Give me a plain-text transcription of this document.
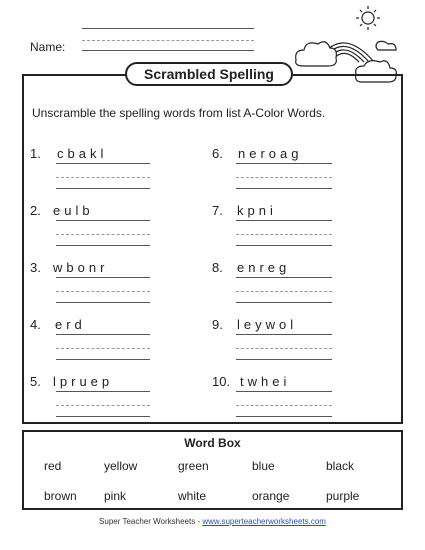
Name:
Scrambled Spelling
Unscramble the spelling words from list A-Color Words.
1. cbakl
2. eulb
3. wbonr
4. erd
5. lpruep
6. neroag
7. kpni
8. enreg
9. leywol
10. twhei
Word Box
red	yellow	green	blue	black
brown pink	white	orange	purple
Super Teacher Worksheets - www.superteacherworksheets.com
